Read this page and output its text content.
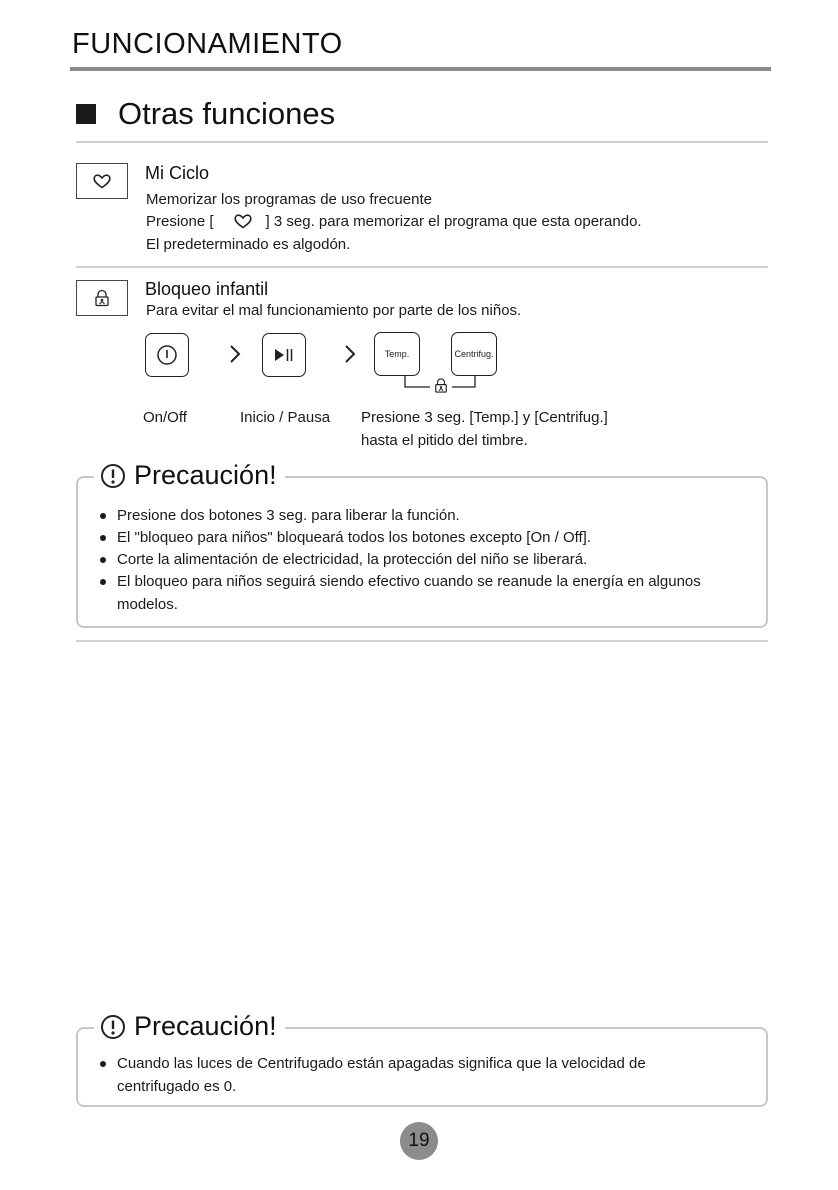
FUNCIONAMIENTO
Otras funciones
Mi Ciclo
Memorizar los programas de uso frecuente
Presione [	] 3 seg. para memorizar el programa que esta operando.
El predeterminado es algodón.
Bloqueo infantil
Para evitar el mal funcionamiento por parte de los niños.
Temp.	Centrifug.
On/Off	Inicio / Pausa Presione 3 seg. [Temp.] y [Centrifug.]
hasta el pitido del timbre.
Precaución!
Presione dos botones 3 seg. para liberar la función.
El "bloqueo para niños" bloqueará todos los botones excepto [On / Off].
Corte la alimentación de electricidad, la protección del niño se liberará.
El bloqueo para niños seguirá siendo efectivo cuando se reanude la energía en algunos modelos.
Precaución!
Cuando las luces de Centrifugado están apagadas significa que la velocidad de centrifugado es 0.
19
